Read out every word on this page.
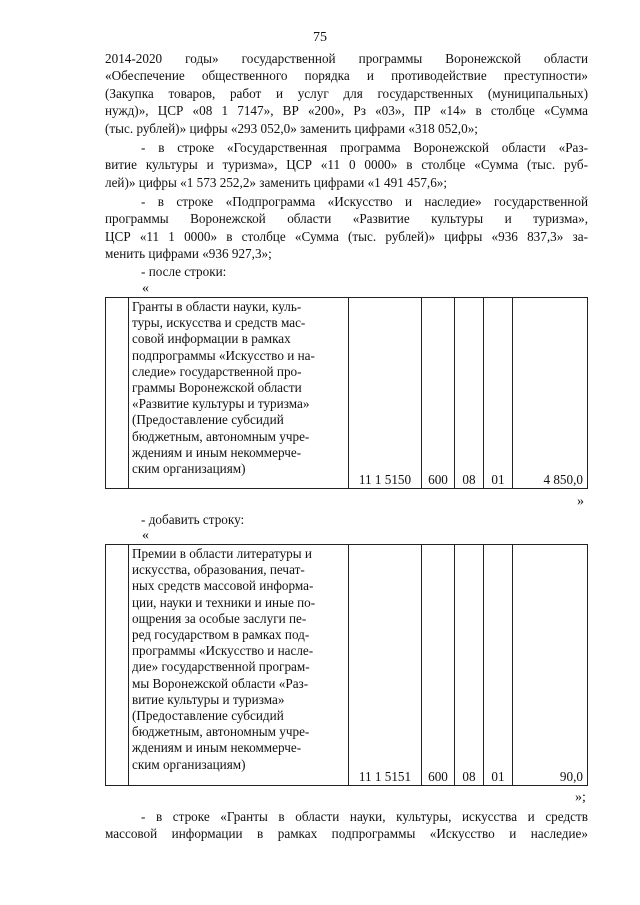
75
2014-2020 годы» государственной программы Воронежской области
«Обеспечение общественного порядка и противодействие преступности»
(Закупка товаров, работ и услуг для государственных (муниципальных)
нужд)», ЦСР «08 1 7147», ВР «200», Рз «03», ПР «14» в столбце «Сумма
(тыс. рублей)» цифры «293 052,0» заменить цифрами «318 052,0»;
- в строке «Государственная программа Воронежской области «Раз-
витие культуры и туризма», ЦСР «11 0 0000» в столбце «Сумма (тыс. руб-
лей)» цифры «1 573 252,2» заменить цифрами «1 491 457,6»;
- в строке «Подпрограмма «Искусство и наследие» государственной
программы Воронежской области «Развитие культуры и туризма»,
ЦСР «11 1 0000» в столбце «Сумма (тыс. рублей)» цифры «936 837,3» за-
менить цифрами «936 927,3»;
- после строки:
«

Гранты в области науки, куль-
туры, искусства и средств мас-
совой информации в рамках
подпрограммы «Искусство и на-
следие» государственной про-
граммы Воронежской области
«Развитие культуры и туризма»
(Предоставление субсидий
бюджетным, автономным учре-
ждениям и иным некоммерче-
ским организациям)
	11 1 5150	600	08	01	4 850,0
»
- добавить строку:
«

Премии в области литературы и
искусства, образования, печат-
ных средств массовой информа-
ции, науки и техники и иные по-
ощрения за особые заслуги пе-
ред государством в рамках под-
программы «Искусство и насле-
дие» государственной програм-
мы Воронежской области «Раз-
витие культуры и туризма»
(Предоставление субсидий
бюджетным, автономным учре-
ждениям и иным некоммерче-
ским организациям)
	11 1 5151	600	08	01	90,0
»;
- в строке «Гранты в области науки, культуры, искусства и средств
массовой информации в рамках подпрограммы «Искусство и наследие»
